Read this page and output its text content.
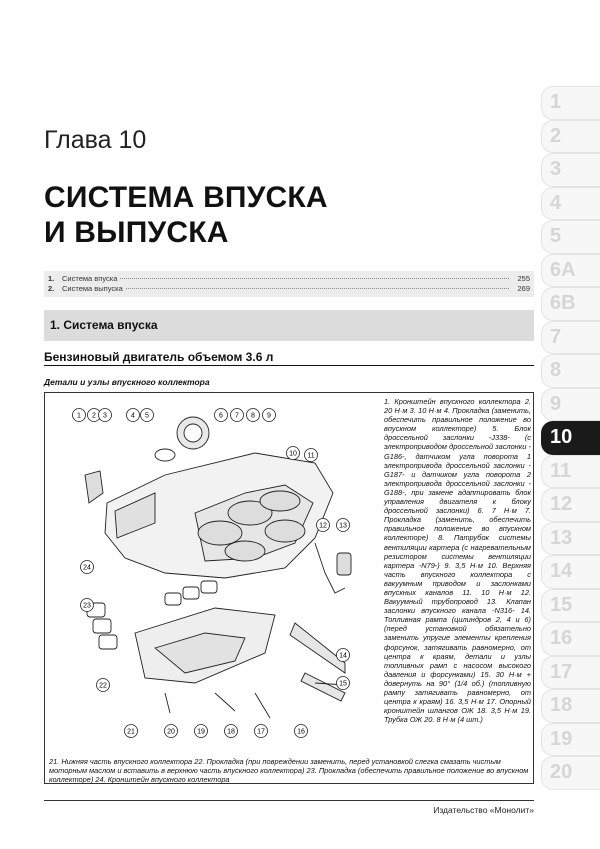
1
2
3
4
5
6A
6B
7
8
9
10
11
12
13
14
15
16
17
18
19
20
Глава 10
СИСТЕМА ВПУСКА
И ВЫПУСКА
1.	Система впуска	255
2.	Система выпуска	269
1. Система впуска
Бензиновый двигатель объемом 3.6 л
Детали и узлы впускного коллектора
1 2 3	4 5	6 7 8 9
10 11
12 13
14
15
16
17
18
19
20
21
22
23
24
1. Кронштейн впускного коллектора 2. 20 Н·м 3. 10 Н·м 4. Прокладка (заменить, обеспечить правильное положение во впускном коллекторе) 5. Блок дроссельной заслонки -J338- (с электроприводом дроссельной заслонки -G186-, датчиком угла поворота 1 электропривода дроссельной заслонки -G187- и датчиком угла поворота 2 электропривода дроссельной заслонки -G188-, при замене адаптировать блок управления двигателя к блоку дроссельной заслонки) 6. 7 Н·м 7. Прокладка (заменить, обеспечить правильное положение во впускном коллекторе) 8. Патрубок системы вентиляции картера (с нагревательным резистором системы вентиляции картера -N79-) 9. 3,5 Н·м 10. Верхняя часть впускного коллектора с вакуумным приводом и заслонками впускных каналов 11. 10 Н·м 12. Вакуумный трубопровод 13. Клапан заслонки впускного канала -N316- 14. Топливная рампа (цилиндров 2, 4 и 6) (перед установкой обязательно заменить упругие элементы крепления форсунок, затягивать равномерно, от центра к краям, детали и узлы топливных рамп с насосом высокого давления и форсунками) 15. 30 Н·м + довернуть на 90° (1/4 об.) (топливную рампу затягивать равномерно, от центра к краям) 16. 3,5 Н·м 17. Опорный кронштейн шлангов ОЖ 18. 3,5 Н·м 19. Трубка ОЖ 20. 8 Н·м (4 шт.)
21. Нижняя часть впускного коллектора 22. Прокладка (при повреждении заменить, перед установкой слегка смазать чистым моторным маслом и вставить в верхнюю часть впускного коллектора) 23. Прокладка (обеспечить правильное положение во впускном коллекторе) 24. Кронштейн впускного коллектора
Издательство «Монолит»
